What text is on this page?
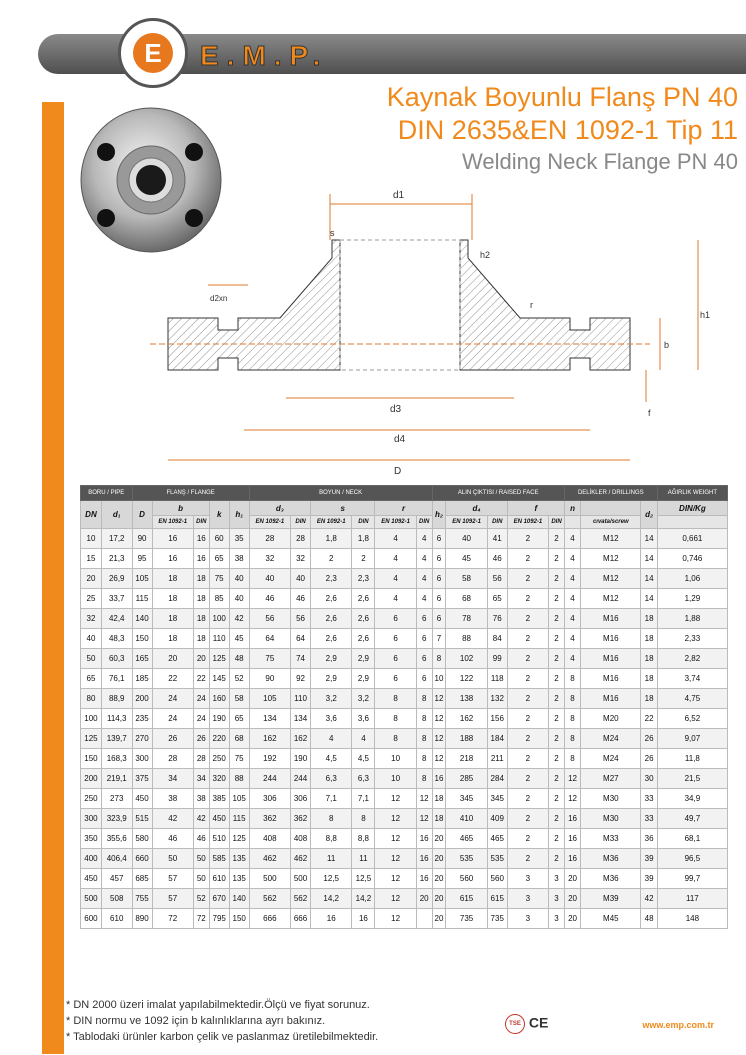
E	E.M.P.
Kaynak Boyunlu Flanş PN 40
DIN 2635&EN 1092-1 Tip 11
Welding Neck Flange PN 40
d1
s
h2
r
h1
b
f
d2xn
d3
d4
D
BORU / PIPE		FLANŞ / FLANGE					BOYUN / NECK						ALIN ÇIKTISI / RAISED FACE					DELİKLER / DRILLINGS			AĞIRLIK WEIGHT
DN	d₁	D	b		k	h₁	d₃		s		r		h₂	d₄		f		n		d₂	DIN/Kg
			EN 1092-1	DIN			EN 1092-1	DIN	EN 1092-1	DIN	EN 1092-1	DIN		EN 1092-1	DIN	EN 1092-1	DIN		cıvata/screw		
10	17,2	90	16	16	60	35	28	28	1,8	1,8	4	4	6	40	41	2	2	4	M12	14	0,661
15	21,3	95	16	16	65	38	32	32	2	2	4	4	6	45	46	2	2	4	M12	14	0,746
20	26,9	105	18	18	75	40	40	40	2,3	2,3	4	4	6	58	56	2	2	4	M12	14	1,06
25	33,7	115	18	18	85	40	46	46	2,6	2,6	4	4	6	68	65	2	2	4	M12	14	1,29
32	42,4	140	18	18	100	42	56	56	2,6	2,6	6	6	6	78	76	2	2	4	M16	18	1,88
40	48,3	150	18	18	110	45	64	64	2,6	2,6	6	6	7	88	84	2	2	4	M16	18	2,33
50	60,3	165	20	20	125	48	75	74	2,9	2,9	6	6	8	102	99	2	2	4	M16	18	2,82
65	76,1	185	22	22	145	52	90	92	2,9	2,9	6	6	10	122	118	2	2	8	M16	18	3,74
80	88,9	200	24	24	160	58	105	110	3,2	3,2	8	8	12	138	132	2	2	8	M16	18	4,75
100	114,3	235	24	24	190	65	134	134	3,6	3,6	8	8	12	162	156	2	2	8	M20	22	6,52
125	139,7	270	26	26	220	68	162	162	4	4	8	8	12	188	184	2	2	8	M24	26	9,07
150	168,3	300	28	28	250	75	192	190	4,5	4,5	10	8	12	218	211	2	2	8	M24	26	11,8
200	219,1	375	34	34	320	88	244	244	6,3	6,3	10	8	16	285	284	2	2	12	M27	30	21,5
250	273	450	38	38	385	105	306	306	7,1	7,1	12	12	18	345	345	2	2	12	M30	33	34,9
300	323,9	515	42	42	450	115	362	362	8	8	12	12	18	410	409	2	2	16	M30	33	49,7
350	355,6	580	46	46	510	125	408	408	8,8	8,8	12	16	20	465	465	2	2	16	M33	36	68,1
400	406,4	660	50	50	585	135	462	462	11	11	12	16	20	535	535	2	2	16	M36	39	96,5
450	457	685	57	50	610	135	500	500	12,5	12,5	12	16	20	560	560	3	3	20	M36	39	99,7
500	508	755	57	52	670	140	562	562	14,2	14,2	12	20	20	615	615	3	3	20	M39	42	117
600	610	890	72	72	795	150	666	666	16	16	12		20	735	735	3	3	20	M45	48	148
* DN 2000 üzeri imalat yapılabilmektedir.Ölçü ve fiyat sorunuz.
* DIN normu ve 1092 için b kalınlıklarına ayrı bakınız.
* Tablodaki ürünler karbon çelik ve paslanmaz üretilebilmektedir.
TSE CE	www.emp.com.tr
